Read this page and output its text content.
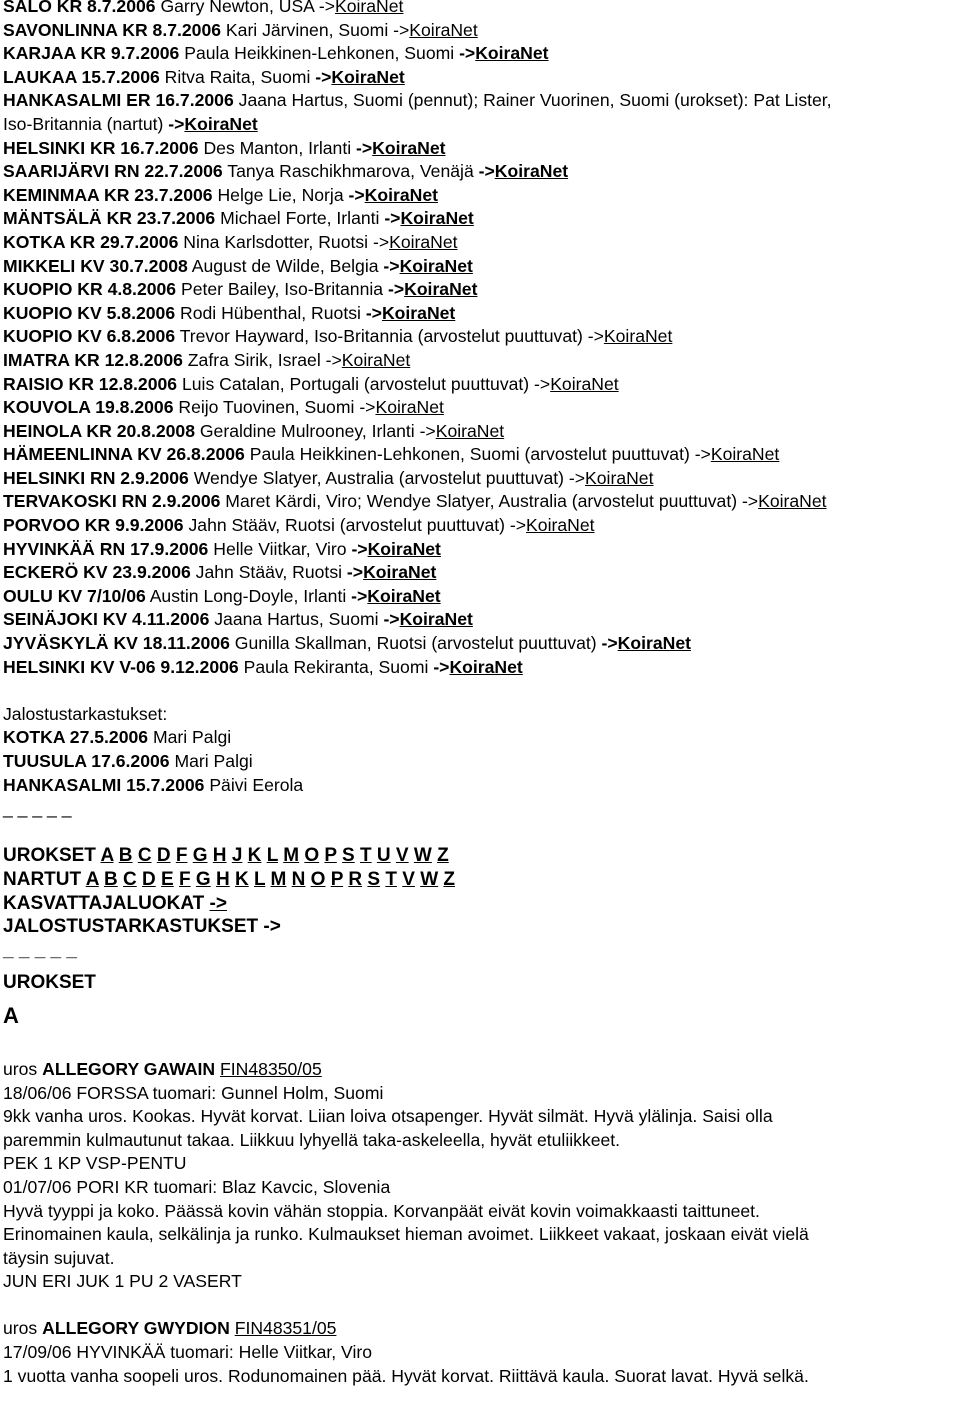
SALO KR 8.7.2006 Garry Newton, USA ->KoiraNet
SAVONLINNA KR 8.7.2006 Kari Järvinen, Suomi ->KoiraNet
KARJAA KR 9.7.2006 Paula Heikkinen-Lehkonen, Suomi ->KoiraNet
LAUKAA 15.7.2006 Ritva Raita, Suomi ->KoiraNet
HANKASALMI ER 16.7.2006 Jaana Hartus, Suomi (pennut); Rainer Vuorinen, Suomi (urokset): Pat Lister,
Iso-Britannia (nartut) ->KoiraNet
HELSINKI KR 16.7.2006 Des Manton, Irlanti ->KoiraNet
SAARIJÄRVI RN 22.7.2006 Tanya Raschikhmarova, Venäjä ->KoiraNet
KEMINMAA KR 23.7.2006 Helge Lie, Norja ->KoiraNet
MÄNTSÄLÄ KR 23.7.2006 Michael Forte, Irlanti ->KoiraNet
KOTKA KR 29.7.2006 Nina Karlsdotter, Ruotsi ->KoiraNet
MIKKELI KV 30.7.2008 August de Wilde, Belgia ->KoiraNet
KUOPIO KR 4.8.2006 Peter Bailey, Iso-Britannia ->KoiraNet
KUOPIO KV 5.8.2006 Rodi Hübenthal, Ruotsi ->KoiraNet
KUOPIO KV 6.8.2006 Trevor Hayward, Iso-Britannia (arvostelut puuttuvat) ->KoiraNet
IMATRA KR 12.8.2006 Zafra Sirik, Israel ->KoiraNet
RAISIO KR 12.8.2006 Luis Catalan, Portugali (arvostelut puuttuvat) ->KoiraNet
KOUVOLA 19.8.2006 Reijo Tuovinen, Suomi ->KoiraNet
HEINOLA KR 20.8.2008 Geraldine Mulrooney, Irlanti ->KoiraNet
HÄMEENLINNA KV 26.8.2006 Paula Heikkinen-Lehkonen, Suomi (arvostelut puuttuvat) ->KoiraNet
HELSINKI RN 2.9.2006 Wendye Slatyer, Australia (arvostelut puuttuvat) ->KoiraNet
TERVAKOSKI RN 2.9.2006 Maret Kärdi, Viro; Wendye Slatyer, Australia (arvostelut puuttuvat) ->KoiraNet
PORVOO KR 9.9.2006 Jahn Stääv, Ruotsi (arvostelut puuttuvat) ->KoiraNet
HYVINKÄÄ RN 17.9.2006 Helle Viitkar, Viro ->KoiraNet
ECKERÖ KV 23.9.2006 Jahn Stääv, Ruotsi ->KoiraNet
OULU KV 7/10/06 Austin Long-Doyle, Irlanti ->KoiraNet
SEINÄJOKI KV 4.11.2006 Jaana Hartus, Suomi ->KoiraNet
JYVÄSKYLÄ KV 18.11.2006 Gunilla Skallman, Ruotsi (arvostelut puuttuvat) ->KoiraNet
HELSINKI KV V-06 9.12.2006 Paula Rekiranta, Suomi ->KoiraNet
Jalostustarkastukset:
KOTKA 27.5.2006 Mari Palgi
TUUSULA 17.6.2006 Mari Palgi
HANKASALMI 15.7.2006 Päivi Eerola
_ _ _ _ _
UROKSET A B C D F G H J K L M O P S T U V W Z
NARTUT A B C D E F G H K L M N O P R S T V W Z
KASVATTAJALUOKAT ->
JALOSTUSTARKASTUKSET ->
_ _ _ _ _
UROKSET
A
uros ALLEGORY GAWAIN FIN48350/05
18/06/06 FORSSA tuomari: Gunnel Holm, Suomi
9kk vanha uros. Kookas. Hyvät korvat. Liian loiva otsapenger. Hyvät silmät. Hyvä ylälinja. Saisi olla
paremmin kulmautunut takaa. Liikkuu lyhyellä taka-askeleella, hyvät etuliikkeet.
PEK 1 KP VSP-PENTU
01/07/06 PORI KR tuomari: Blaz Kavcic, Slovenia
Hyvä tyyppi ja koko. Päässä kovin vähän stoppia. Korvanpäät eivät kovin voimakkaasti taittuneet.
Erinomainen kaula, selkälinja ja runko. Kulmaukset hieman avoimet. Liikkeet vakaat, joskaan eivät vielä
täysin sujuvat.
JUN ERI JUK 1 PU 2 VASERT
uros ALLEGORY GWYDION FIN48351/05
17/09/06 HYVINKÄÄ tuomari: Helle Viitkar, Viro
1 vuotta vanha soopeli uros. Rodunomainen pää. Hyvät korvat. Riittävä kaula. Suorat lavat. Hyvä selkä.
